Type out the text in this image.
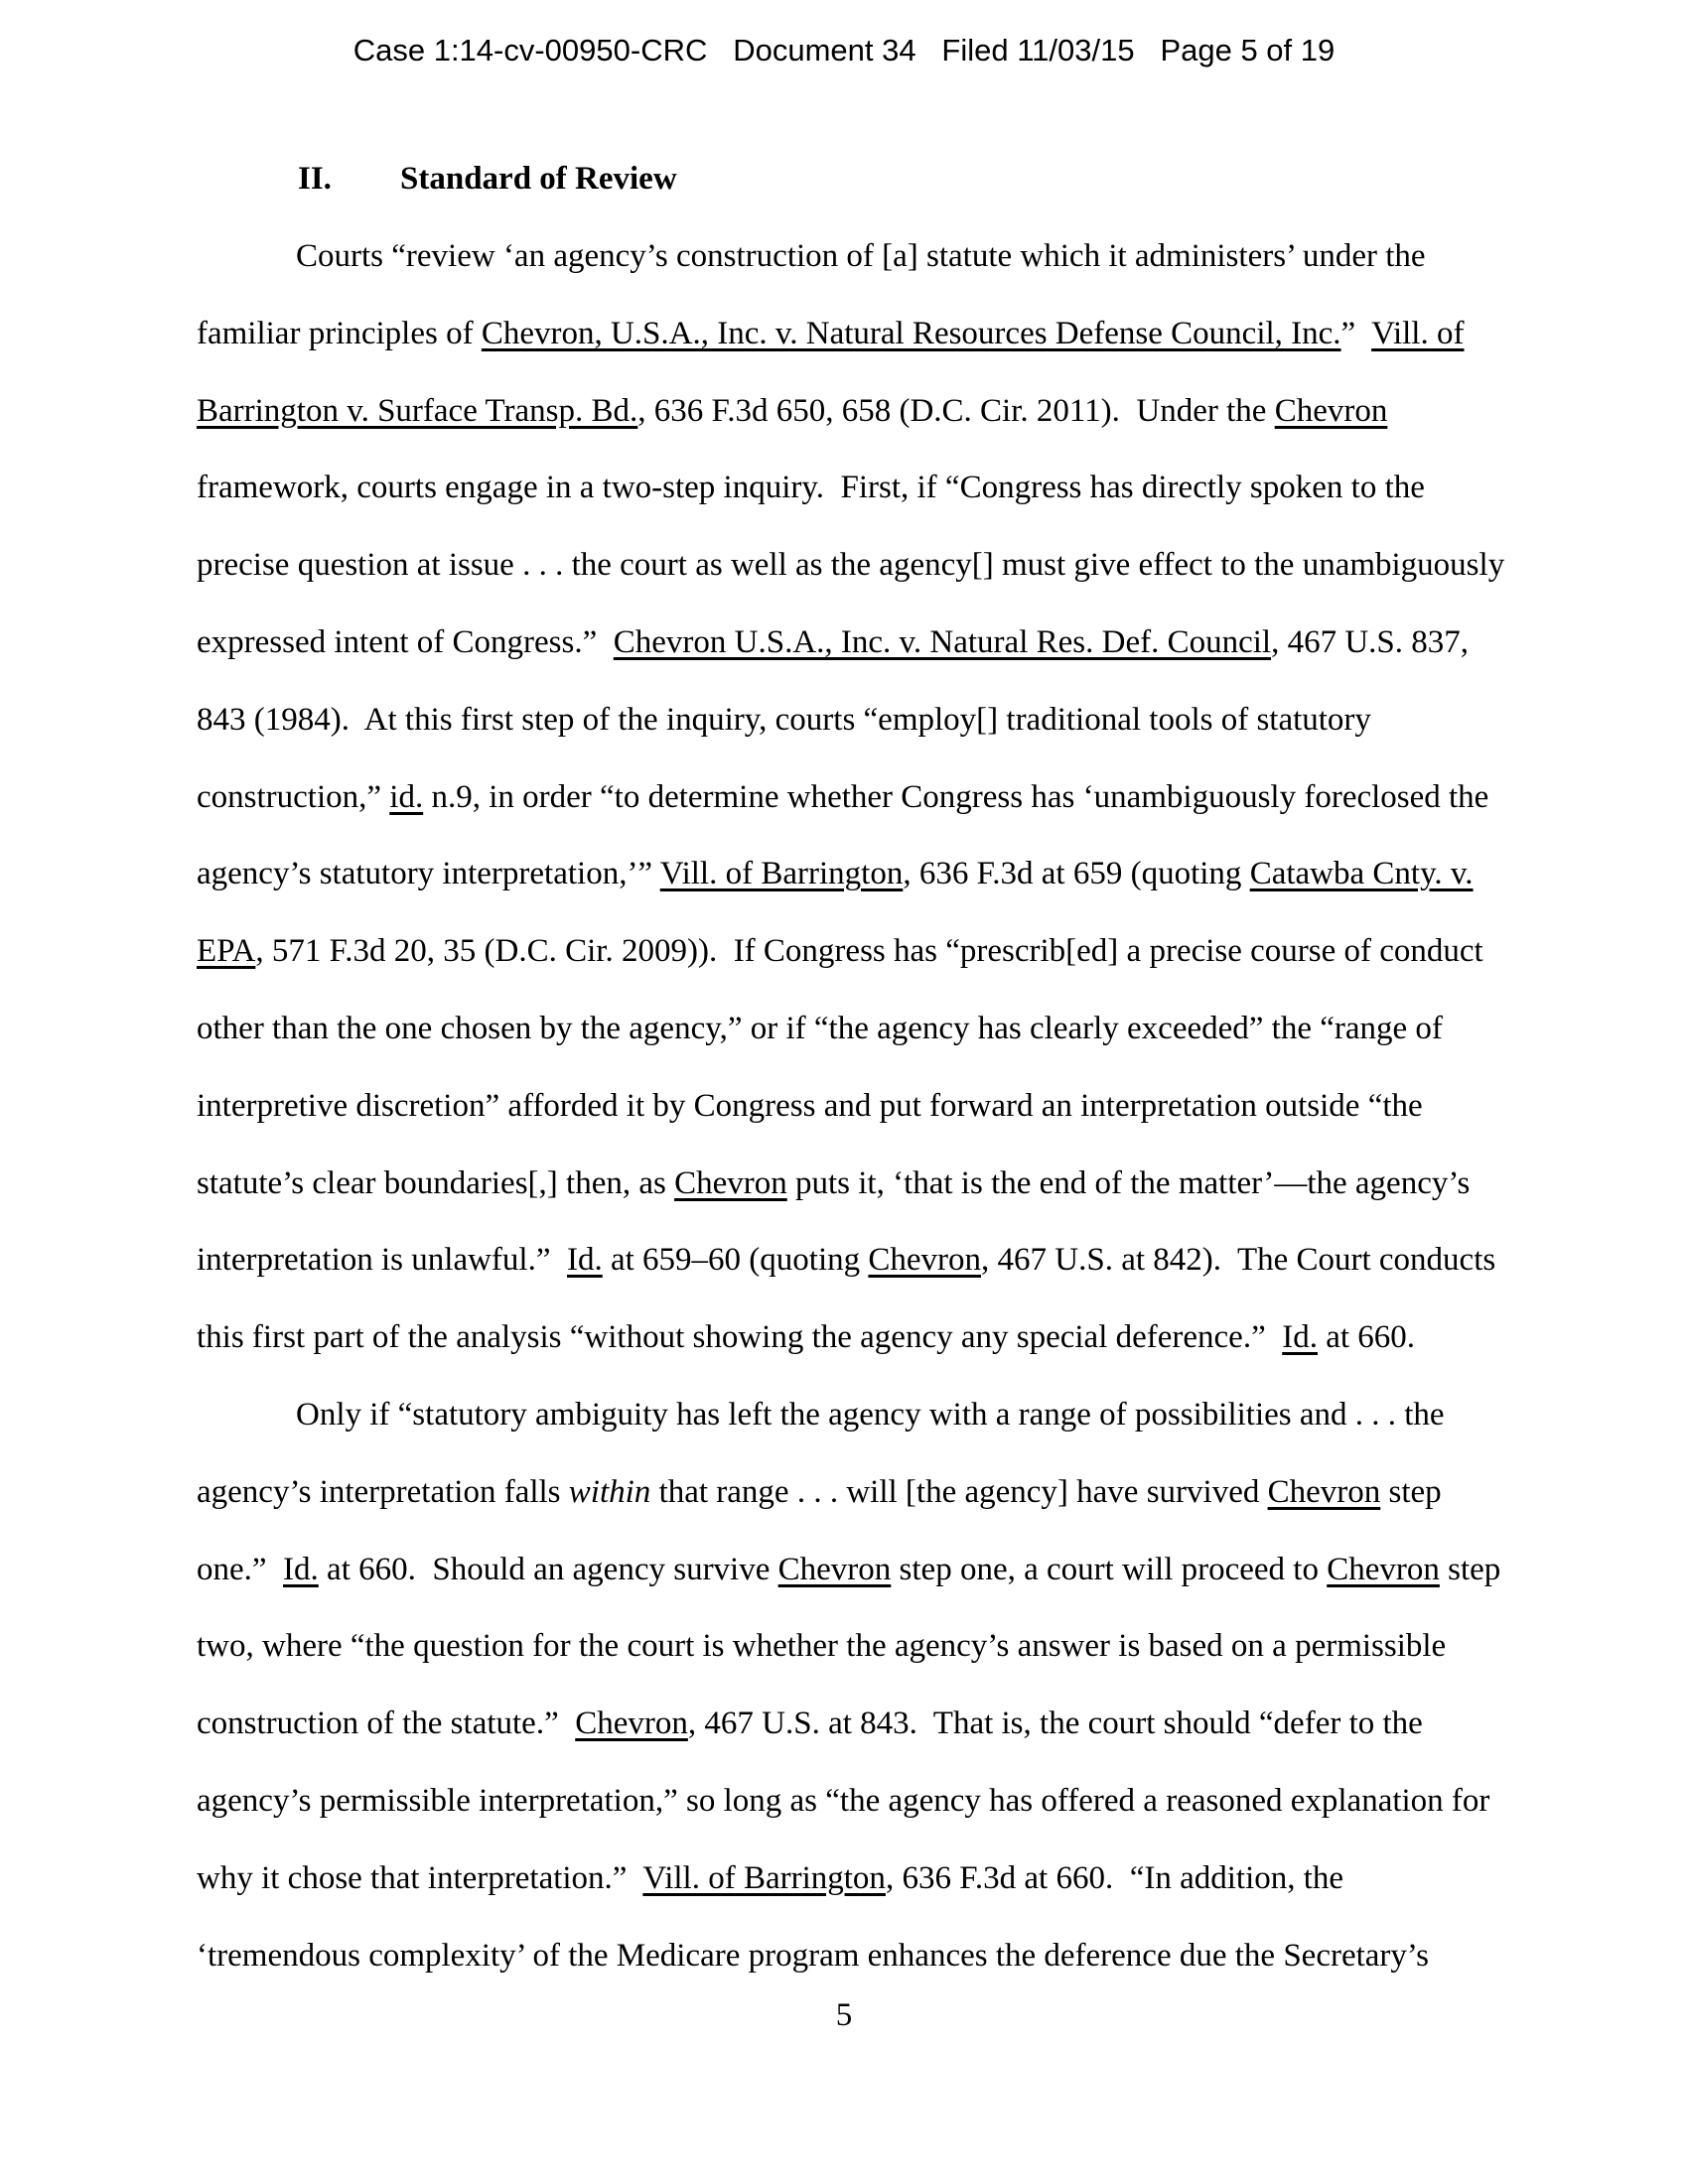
Case 1:14-cv-00950-CRC   Document 34   Filed 11/03/15   Page 5 of 19
II. Standard of Review
Courts “review ‘an agency’s construction of [a] statute which it administers’ under the
familiar principles of Chevron, U.S.A., Inc. v. Natural Resources Defense Council, Inc.”  Vill. of
Barrington v. Surface Transp. Bd., 636 F.3d 650, 658 (D.C. Cir. 2011).  Under the Chevron
framework, courts engage in a two-step inquiry.  First, if “Congress has directly spoken to the
precise question at issue . . . the court as well as the agency[] must give effect to the unambiguously
expressed intent of Congress.”  Chevron U.S.A., Inc. v. Natural Res. Def. Council, 467 U.S. 837,
843 (1984).  At this first step of the inquiry, courts “employ[] traditional tools of statutory
construction,” id. n.9, in order “to determine whether Congress has ‘unambiguously foreclosed the
agency’s statutory interpretation,’” Vill. of Barrington, 636 F.3d at 659 (quoting Catawba Cnty. v.
EPA, 571 F.3d 20, 35 (D.C. Cir. 2009)).  If Congress has “prescrib[ed] a precise course of conduct
other than the one chosen by the agency,” or if “the agency has clearly exceeded” the “range of
interpretive discretion” afforded it by Congress and put forward an interpretation outside “the
statute’s clear boundaries[,] then, as Chevron puts it, ‘that is the end of the matter’—the agency’s
interpretation is unlawful.”  Id. at 659–60 (quoting Chevron, 467 U.S. at 842).  The Court conducts
this first part of the analysis “without showing the agency any special deference.”  Id. at 660.
Only if “statutory ambiguity has left the agency with a range of possibilities and . . . the
agency’s interpretation falls within that range . . . will [the agency] have survived Chevron step
one.”  Id. at 660.  Should an agency survive Chevron step one, a court will proceed to Chevron step
two, where “the question for the court is whether the agency’s answer is based on a permissible
construction of the statute.”  Chevron, 467 U.S. at 843.  That is, the court should “defer to the
agency’s permissible interpretation,” so long as “the agency has offered a reasoned explanation for
why it chose that interpretation.”  Vill. of Barrington, 636 F.3d at 660.  “In addition, the
‘tremendous complexity’ of the Medicare program enhances the deference due the Secretary’s
5
